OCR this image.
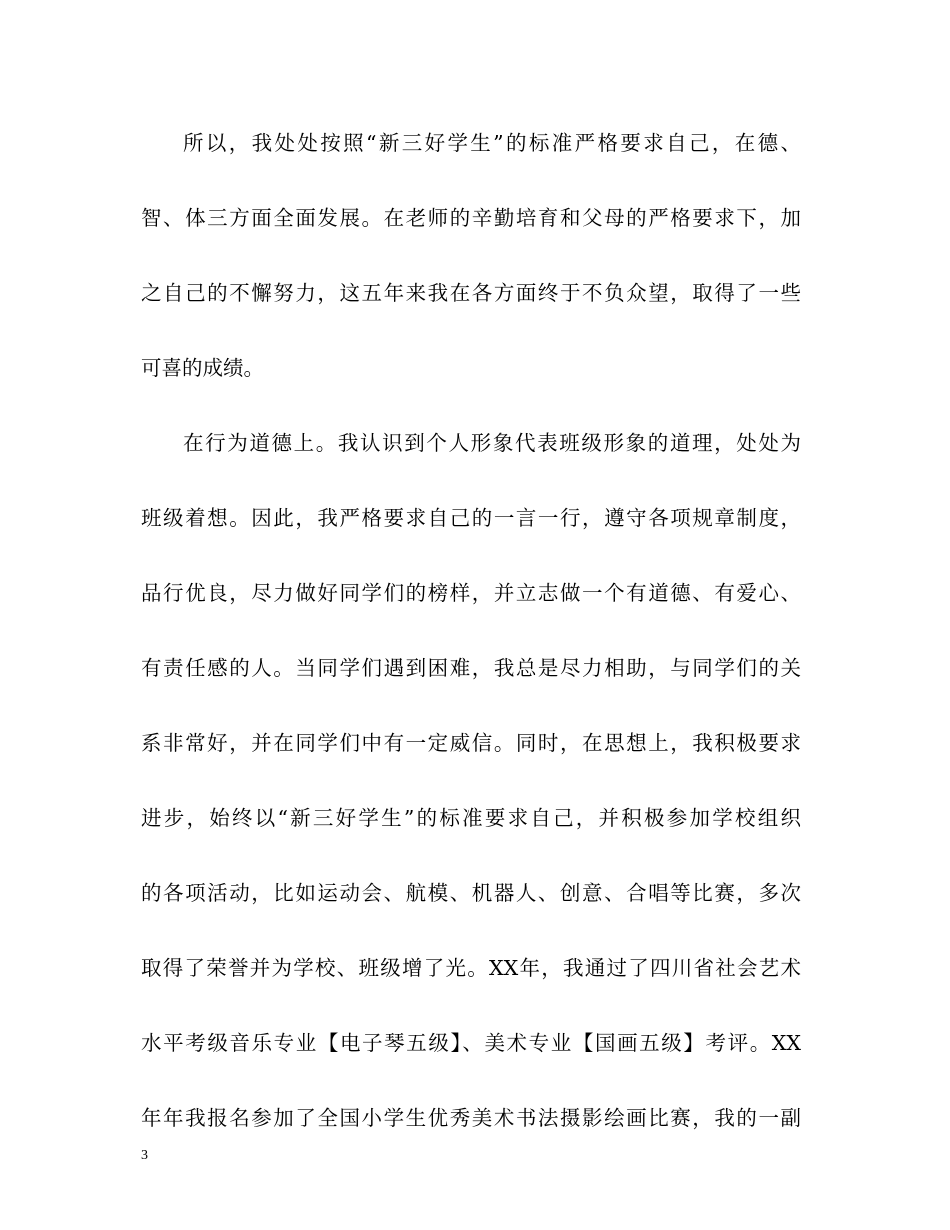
所以，我处处按照“新三好学生”的标准严格要求自己，在德、

智、体三方面全面发展。在老师的辛勤培育和父母的严格要求下，加

之自己的不懈努力，这五年来我在各方面终于不负众望，取得了一些

可喜的成绩。

在行为道德上。我认识到个人形象代表班级形象的道理，处处为

班级着想。因此，我严格要求自己的一言一行，遵守各项规章制度，

品行优良，尽力做好同学们的榜样，并立志做一个有道德、有爱心、

有责任感的人。当同学们遇到困难，我总是尽力相助，与同学们的关

系非常好，并在同学们中有一定威信。同时，在思想上，我积极要求

进步，始终以“新三好学生”的标准要求自己，并积极参加学校组织

的各项活动，比如运动会、航模、机器人、创意、合唱等比赛，多次

取得了荣誉并为学校、班级增了光。XX年，我通过了四川省社会艺术

水平考级音乐专业【电子琴五级】、美术专业【国画五级】考评。XX

年年我报名参加了全国小学生优秀美术书法摄影绘画比赛，我的一副

3
